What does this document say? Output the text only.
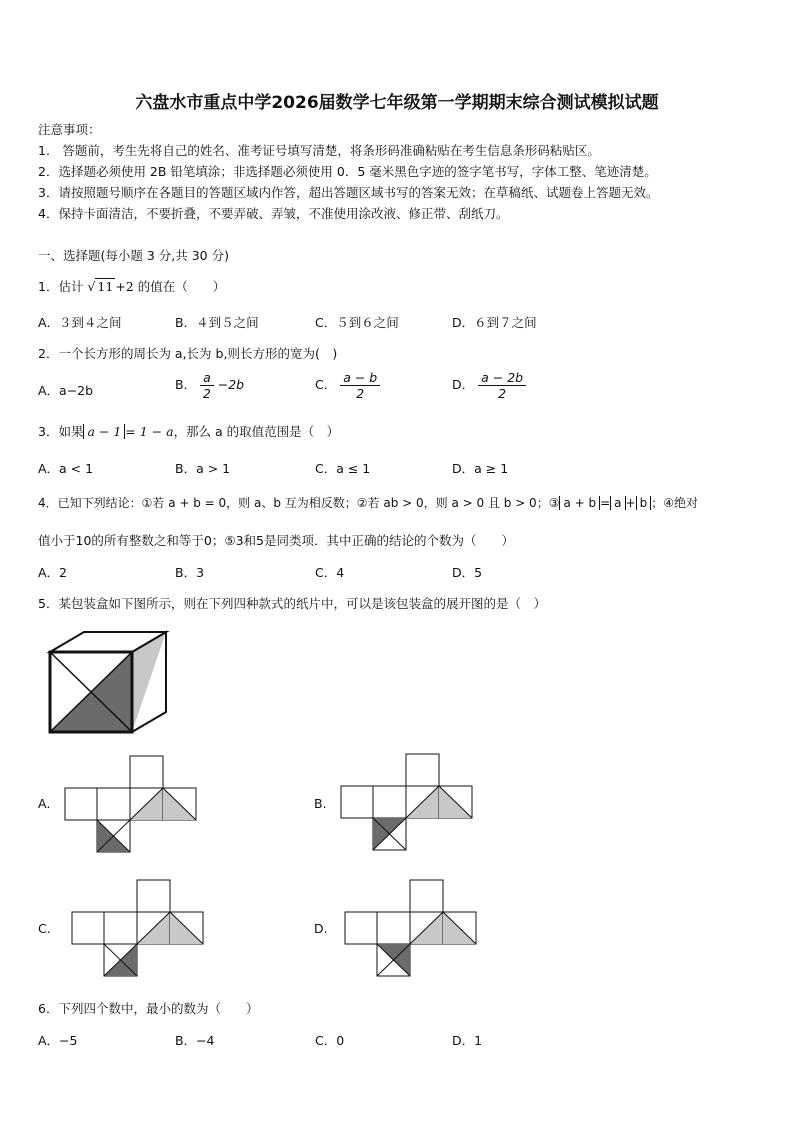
六盘水市重点中学2026届数学七年级第一学期期末综合测试模拟试题
注意事项：
1.　答题前，考生先将自己的姓名、准考证号填写清楚，将条形码准确粘贴在考生信息条形码粘贴区。
2．选择题必须使用 2B 铅笔填涂；非选择题必须使用 0．5 毫米黑色字迹的签字笔书写，字体工整、笔迹清楚。
3．请按照题号顺序在各题目的答题区域内作答，超出答题区域书写的答案无效；在草稿纸、试题卷上答题无效。
4．保持卡面清洁，不要折叠，不要弄破、弄皱，不准使用涂改液、修正带、刮纸刀。
一、选择题(每小题 3 分,共 30 分)
1．估计 √ 11 +2 的值在（　　）
A．３到４之间	B．４到５之间	C．５到６之间	D．６到７之间
2．一个长方形的周长为 a,长为 b,则长方形的宽为(　)
A．a−2b	B． $\frac{a}{2} -2b$	C． $\frac{a - b}{2}$	D． $\frac{a - 2b}{2}$
3．如果 a − 1 = 1 − a，那么 a 的取值范围是（　）
A．a < 1	B．a > 1	C．a ≤ 1	D．a ≥ 1
4．已知下列结论：①若 a + b = 0，则 a、b 互为相反数；②若 ab > 0，则 a > 0 且 b > 0；③ a + b = a + b ；④绝对
值小于10的所有整数之和等于0；⑤3和5是同类项．其中正确的结论的个数为（　　）
A．2	B．3	C．4	D．5
5．某包装盒如下图所示，则在下列四种款式的纸片中，可以是该包装盒的展开图的是（　）
A.	B.
C.	D.
6．下列四个数中，最小的数为（　　）
A．−5	B．−4	C．0	D．1
